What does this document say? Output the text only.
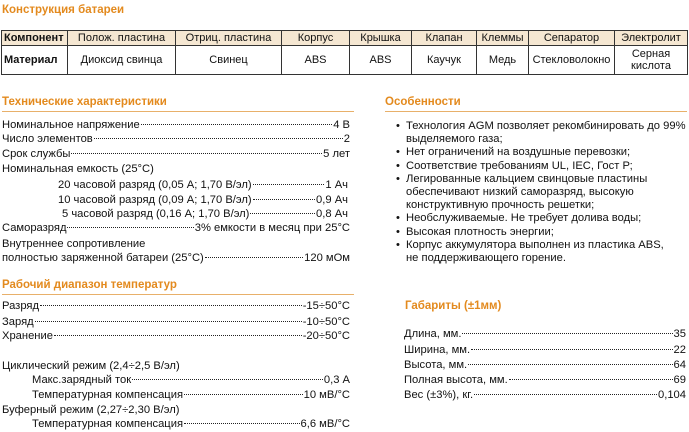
Конструкция батареи
Компонент	Полож. пластина	Отриц. пластина	Корпус	Крышка	Клапан	Клеммы	Сепаратор	Электролит
Материал	Диоксид свинца	Свинец	ABS	ABS	Каучук	Медь	Стекловолокно	Серная кислота
Технические характеристики
Номинальное напряжение	4 В
Число элементов	2
Срок службы	5 лет
Номинальная емкость (25°С)
20 часовой разряд (0,05 А; 1,70 В/эл)	1 Ач
10 часовой разряд (0,09 А; 1,70 В/эл)	0,9 Ач
5 часовой разряд (0,16 А; 1,70 В/эл)	0,8 Ач
Саморазряд	3% емкости в месяц при 25°С
Внутреннее сопротивление
полностью заряженной батареи (25°С)	120 мОм
Рабочий диапазон температур
Разряд	-15÷50°С
Заряд	-10÷50°С
Хранение	-20÷50°С
Циклический режим (2,4÷2,5 В/эл)
Макс.зарядный ток	0,3 А
Температурная компенсация	10 мВ/°С
Буферный режим (2,27÷2,30 В/эл)
Температурная компенсация	6,6 мВ/°С
Особенности
• Технология AGM позволяет рекомбинировать до 99%
выделяемого газа;
• Нет ограничений на воздушные перевозки;
• Соответствие требованиям UL, IEC, Гост Р;
• Легированные кальцием свинцовые пластины
обеспечивают низкий саморазряд, высокую
конструктивную прочность решетки;
• Необслуживаемые. Не требует долива воды;
• Высокая плотность энергии;
• Корпус аккумулятора выполнен из пластика ABS,
не поддерживающего горение.
Габариты (±1мм)
Длина, мм.	35
Ширина, мм.	22
Высота, мм.	64
Полная высота, мм.	69
Вес (±3%), кг.	0,104
